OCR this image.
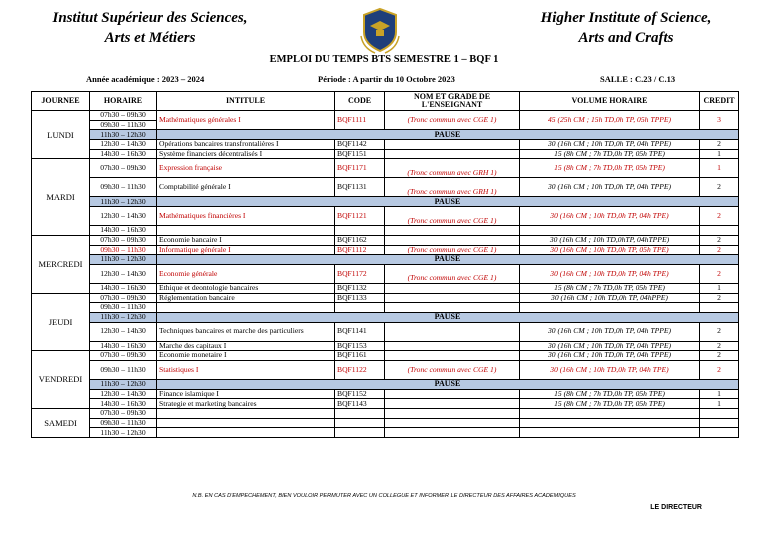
Institut Supérieur des Sciences,
Arts et Métiers
Higher Institute of Science,
Arts and Crafts
EMPLOI DU TEMPS BTS SEMESTRE 1 – BQF 1
Année académique : 2023 – 2024	Période : A partir du 10 Octobre 2023	SALLE : C.23 / C.13
JOURNEE	HORAIRE	INTITULE	CODE	NOM ET GRADE DE L'ENSEIGNANT	VOLUME HORAIRE	CREDIT
LUNDI	07h30 – 09h30	Mathématiques générales I	BQF1111	(Tronc commun avec CGE 1)	45 (25h CM ; 15h TD,0h TP, 05h TPPE)	3
	09h30 – 11h30					
	11h30 – 12h30	PAUSE				
	12h30 – 14h30	Opérations bancaires transfrontalières I	BQF1142		30 (16h CM ; 10h TD,0h TP, 04h TPPE)	2
	14h30 – 16h30	Système financiers décentralisés I	BQF1151		15 (8h CM ; 7h TD,0h TP, 05h TPE)	1
MARDI	07h30 – 09h30	Expression française	BQF1171	(Tronc commun avec GRH 1)	15 (8h CM ; 7h TD,0h TP, 05h TPE)	1
	09h30 – 11h30	Comptabilité générale I	BQF1131	(Tronc commun avec GRH 1)	30 (16h CM ; 10h TD,0h TP, 04h TPPE)	2
	11h30 – 12h30	PAUSE				
	12h30 – 14h30	Mathématiques financières I	BQF1121	(Tronc commun avec CGE 1)	30 (16h CM ; 10h TD,0h TP, 04h TPE)	2
	14h30 – 16h30					
MERCREDI	07h30 – 09h30	Economie bancaire I	BQF1162		30 (16h CM ; 10h TD,0hTP, 04hTPPE)	2
	09h30 – 11h30	Informatique générale I	BQF1112	(Tronc commun avec CGE 1)	30 (16h CM ; 10h TD,0h TP, 05h TPE)	2
	11h30 – 12h30	PAUSE				
	12h30 – 14h30	Economie générale	BQF1172	(Tronc commun avec CGE 1)	30 (16h CM ; 10h TD,0h TP, 04h TPE)	2
	14h30 – 16h30	Ethique et deontologie bancaires	BQF1132		15 (8h CM ; 7h TD,0h TP, 05h TPE)	1
JEUDI	07h30 – 09h30	Réglementation bancaire	BQF1133		30 (16h CM ; 10h TD,0h TP, 04hPPE)	2
	09h30 – 11h30					
	11h30 – 12h30	PAUSE				
	12h30 – 14h30	Techniques bancaires et marche des particuliers	BQF1141		30 (16h CM ; 10h TD,0h TP, 04h TPPE)	2
	14h30 – 16h30	Marche des capitaux I	BQF1153		30 (16h CM ; 10h TD,0h TP, 04h TPPE)	2
VENDREDI	07h30 – 09h30	Economie monetaire I	BQF1161		30 (16h CM ; 10h TD,0h TP, 04h TPPE)	2
	09h30 – 11h30	Statistiques I	BQF1122	(Tronc commun avec CGE 1)	30 (16h CM ; 10h TD,0h TP, 04h TPE)	2
	11h30 – 12h30	PAUSE				
	12h30 – 14h30	Finance islamique I	BQF1152		15 (8h CM ; 7h TD,0h TP, 05h TPE)	1
	14h30 – 16h30	Strategie et marketing bancaires	BQF1143		15 (8h CM ; 7h TD,0h TP, 05h TPE)	1
SAMEDI	07h30 – 09h30					
	09h30 – 11h30					
	11h30 – 12h30					
N.B. EN CAS D'EMPECHEMENT, BIEN VOULOIR PERMUTER AVEC UN COLLEGUE ET INFORMER LE DIRECTEUR DES AFFAIRES ACADEMIQUES
LE DIRECTEUR
